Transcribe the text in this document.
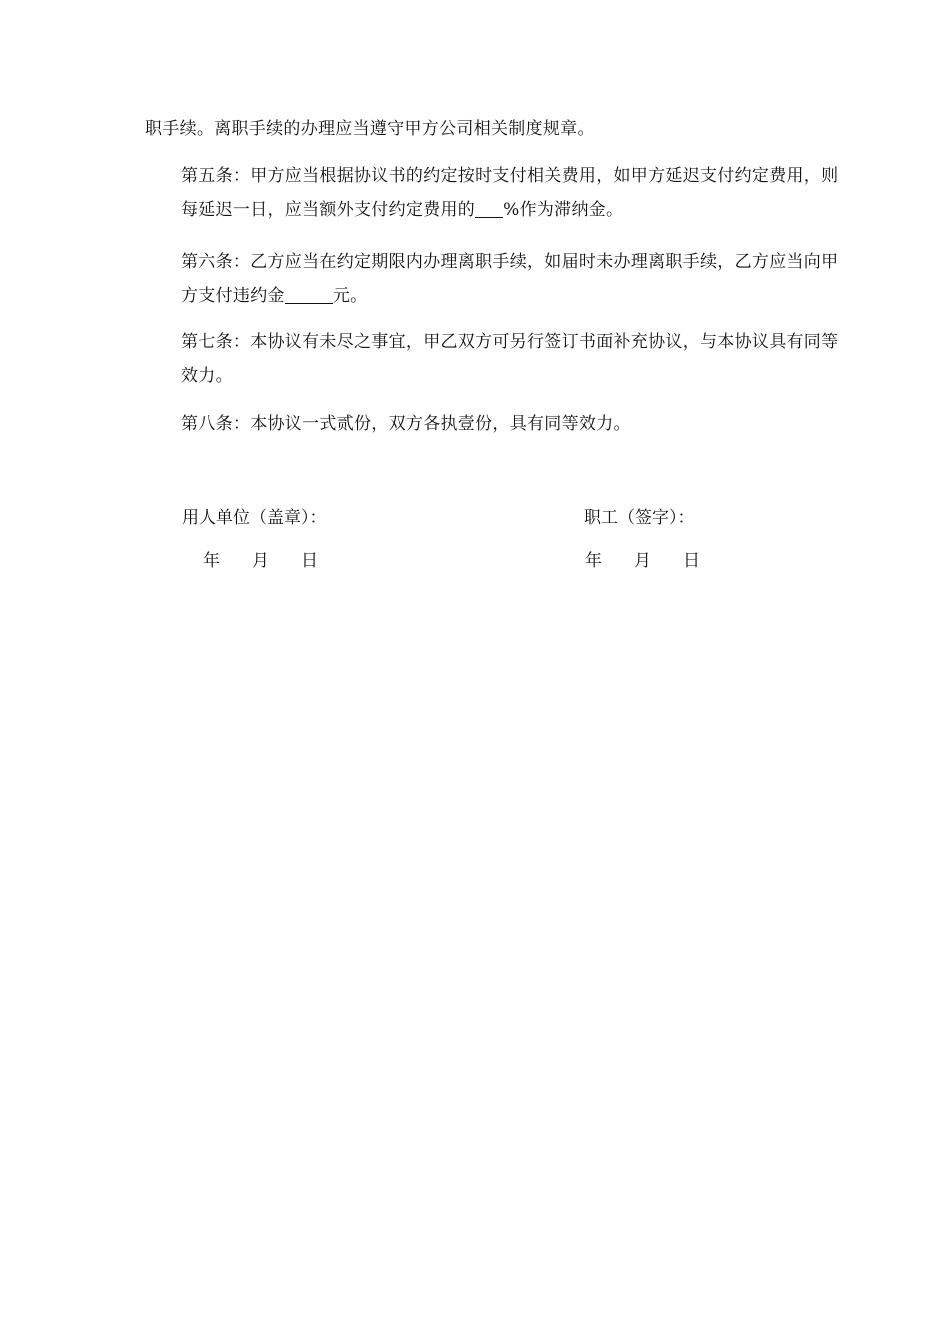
职手续。离职手续的办理应当遵守甲方公司相关制度规章。
第五条：甲方应当根据协议书的约定按时支付相关费用，如甲方延迟支付约定费用，则每延迟一日，应当额外支付约定费用的 %作为滞纳金。
第六条：乙方应当在约定期限内办理离职手续，如届时未办理离职手续，乙方应当向甲方支付违约金	元。
第七条：本协议有未尽之事宜，甲乙双方可另行签订书面补充协议，与本协议具有同等效力。
第八条：本协议一式贰份，双方各执壹份，具有同等效力。
用人单位（盖章）：	职工（签字）：
年 月 日	年 月 日
